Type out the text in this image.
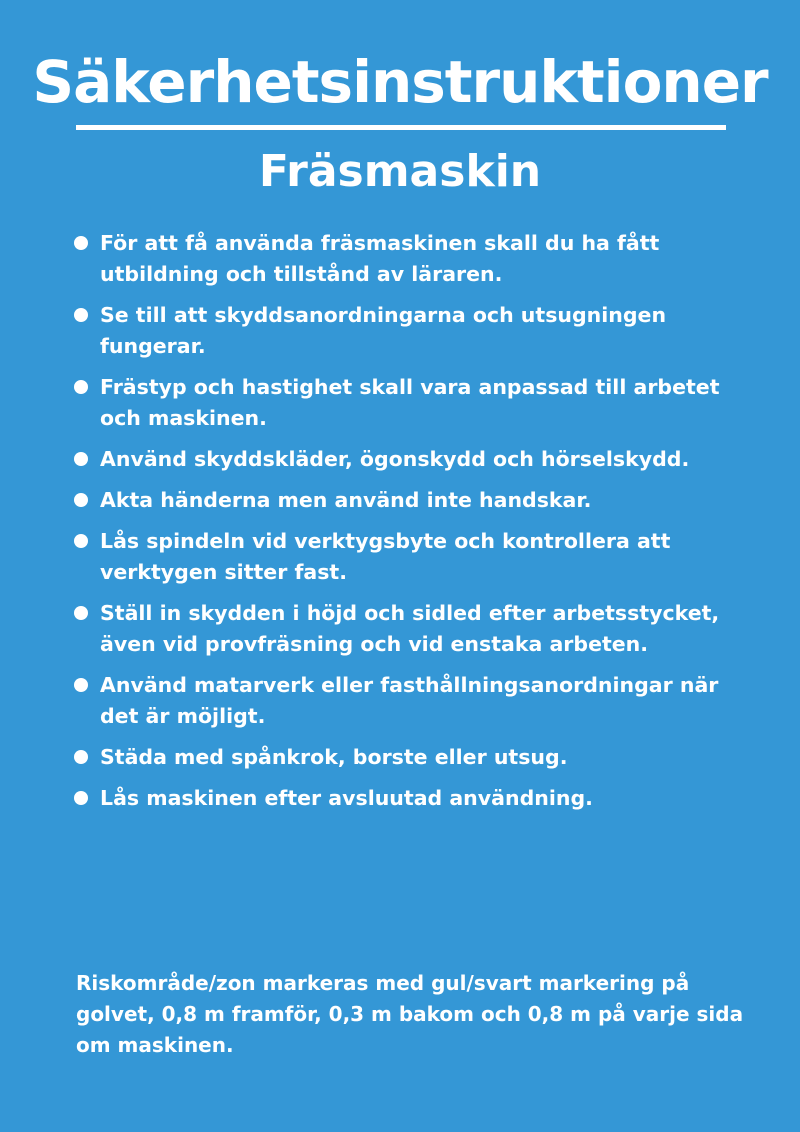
Säkerhetsinstruktioner
Fräsmaskin
För att få använda fräsmaskinen skall du ha fått utbildning och tillstånd av läraren.
Se till att skyddsanordningarna och utsugningen fungerar.
Frästyp och hastighet skall vara anpassad till arbetet och maskinen.
Använd skyddskläder, ögonskydd och hörselskydd.
Akta händerna men använd inte handskar.
Lås spindeln vid verktygsbyte och kontrollera att verktygen sitter fast.
Ställ in skydden i höjd och sidled efter arbetsstycket, även vid provfräsning och vid enstaka arbeten.
Använd matarverk eller fasthållningsanordningar när det är möjligt.
Städa med spånkrok, borste eller utsug.
Lås maskinen efter avsluutad användning.

Riskområde/zon markeras med gul/svart markering på golvet, 0,8 m framför, 0,3 m bakom och 0,8 m på varje sida om maskinen.
